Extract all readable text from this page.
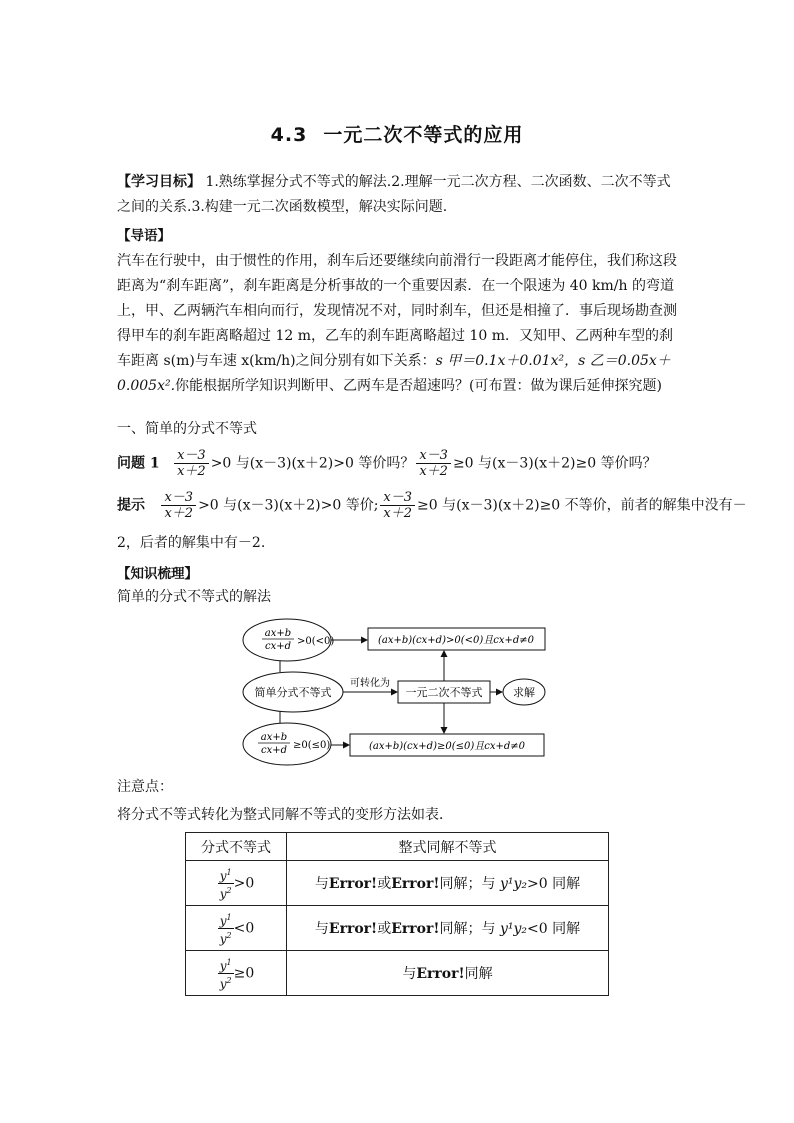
4.3 一元二次不等式的应用
【学习目标】 1.熟练掌握分式不等式的解法.2.理解一元二次方程、二次函数、二次不等式之间的关系.3.构建一元二次函数模型，解决实际问题.
【导语】
汽车在行驶中，由于惯性的作用，刹车后还要继续向前滑行一段距离才能停住，我们称这段距离为“刹车距离”，刹车距离是分析事故的一个重要因素．在一个限速为 40 km/h 的弯道上，甲、乙两辆汽车相向而行，发现情况不对，同时刹车，但还是相撞了．事后现场勘查测得甲车的刹车距离略超过 12 m，乙车的刹车距离略超过 10 m．又知甲、乙两种车型的刹车距离 s(m)与车速 x(km/h)之间分别有如下关系：s 甲＝0.1x＋0.01x²，s 乙＝0.05x＋0.005x².你能根据所学知识判断甲、乙两车是否超速吗？(可布置：做为课后延伸探究题)
一、简单的分式不等式
问题 $1 \frac{x-3}{x+2} >0$ 与(x－3)(x＋2)>0 等价吗？ $\frac{x-3}{x+2} \ge 0$ 与(x－3)(x＋2)≥0 等价吗？
提示 $\frac{x-3}{x+2} >0$ 与(x－3)(x＋2)>0 等价; $\frac{x-3}{x+2} \ge 0$ 与(x－3)(x＋2)≥0 不等价，前者的解集中没有－
2，后者的解集中有－2.
【知识梳理】
简单的分式不等式的解法
ax+b
cx+d >0(<0)	(ax+b)(cx+d)>0(<0)且cx+d≠0
简单分式不等式
可转化为
一元二次不等式	求解
ax+b
cx+d ≥0(≤0)	(ax+b)(cx+d)≥0(≤0)且cx+d≠0
注意点：
将分式不等式转化为整式同解不等式的变形方法如表．
分式不等式	整式同解不等式

$\frac{y^1}{y^2} >0$	与Error!或Error!同解；与 y¹y₂>0 同解

$\frac{y^1}{y^2} <0$	与Error!或Error!同解；与 y¹y₂<0 同解

$\frac{y^1}{y^2} \ge 0$	与Error!同解
